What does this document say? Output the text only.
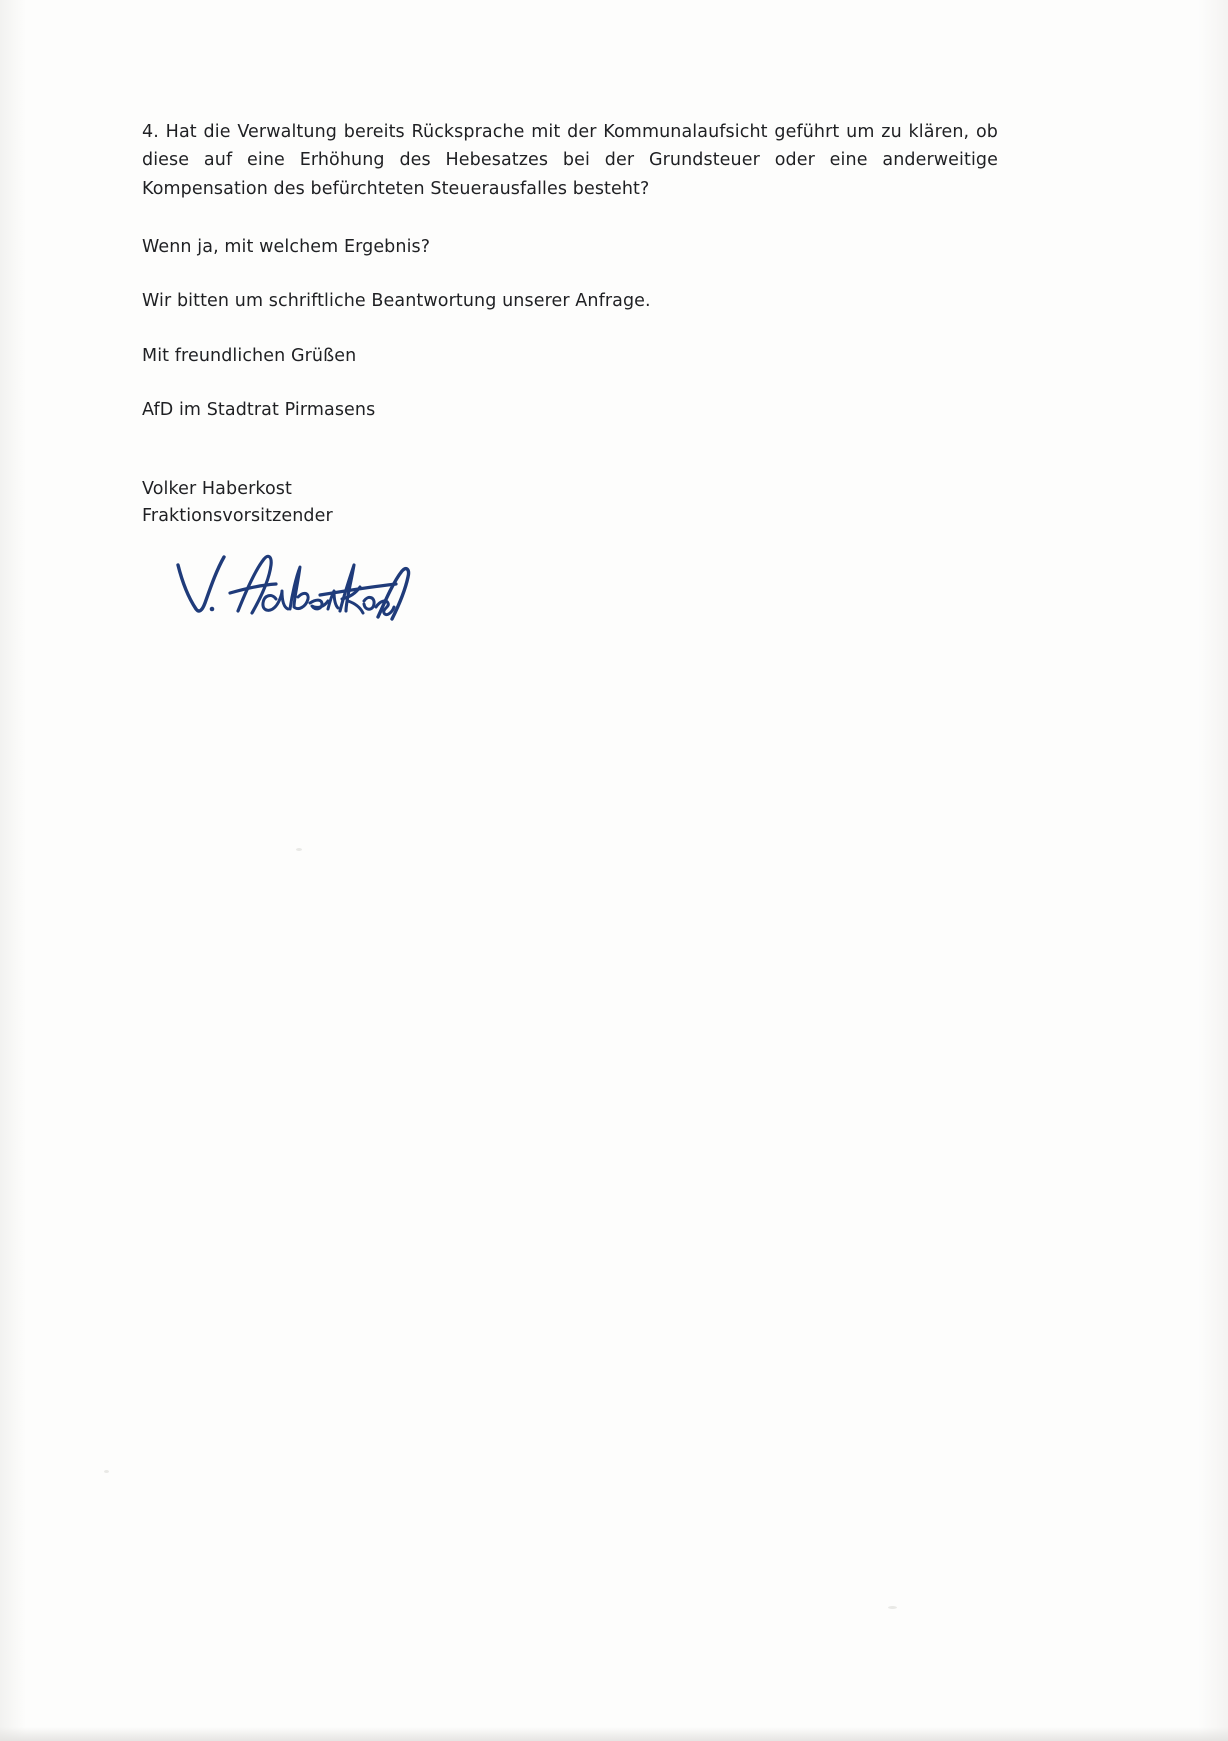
4. Hat die Verwaltung bereits Rücksprache mit der Kommunalaufsicht geführt um zu klären, ob diese auf eine Erhöhung des Hebesatzes bei der Grundsteuer oder eine anderweitige Kompensation des befürchteten Steuerausfalles besteht?

Wenn ja, mit welchem Ergebnis?

Wir bitten um schriftliche Beantwortung unserer Anfrage.

Mit freundlichen Grüßen

AfD im Stadtrat Pirmasens

Volker Haberkost

Fraktionsvorsitzender
